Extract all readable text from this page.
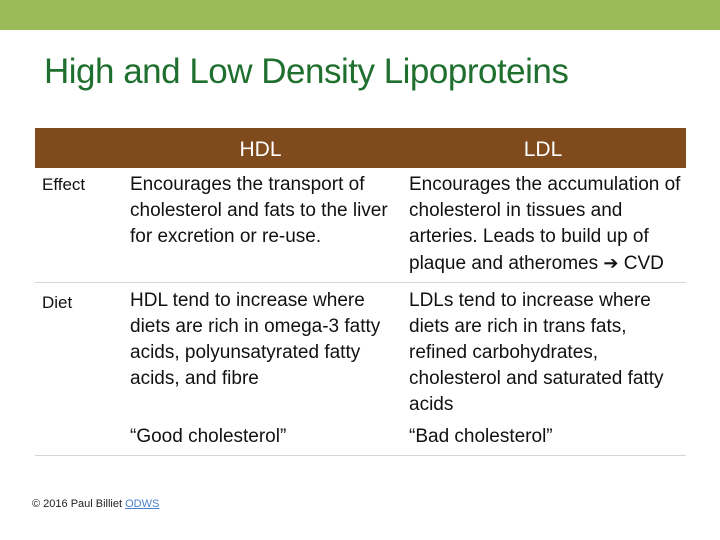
High and Low Density Lipoproteins
	HDL	LDL
Effect	Encourages the transport of cholesterol and fats to the liver for excretion or re-use.	Encourages the accumulation of cholesterol in tissues and arteries. Leads to build up of plaque and atheromes ➔ CVD
Diet	HDL tend to increase where diets are rich in omega-3 fatty acids, polyunsatyrated fatty acids, and fibre	LDLs tend to increase where diets are rich in trans fats, refined carbohydrates, cholesterol and saturated fatty acids
	“Good cholesterol”	“Bad cholesterol”
© 2016 Paul Billiet ODWS
